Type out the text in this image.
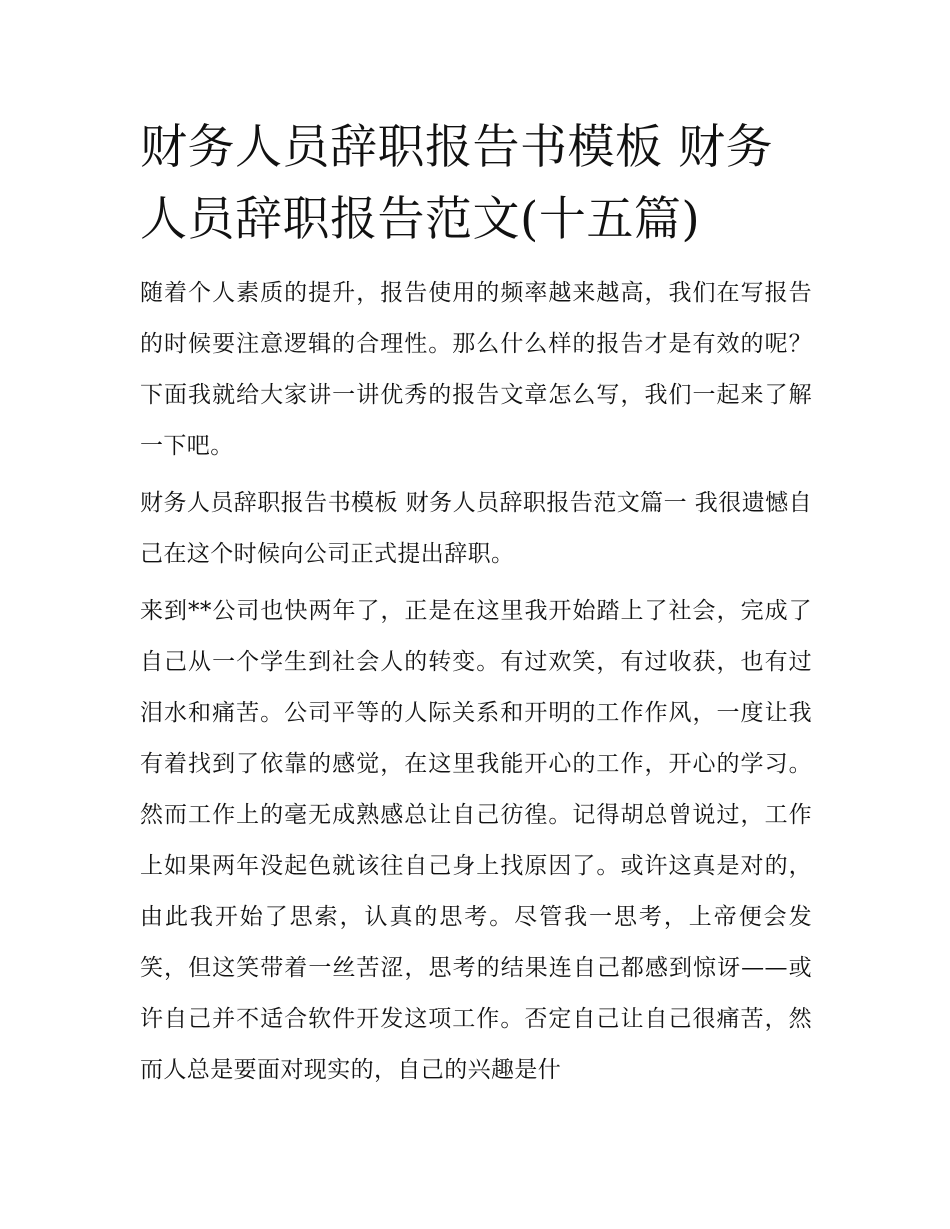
财务人员辞职报告书模板 财务人员辞职报告范文(十五篇)

随着个人素质的提升，报告使用的频率越来越高，我们在写报告的时候要注意逻辑的合理性。那么什么样的报告才是有效的呢？下面我就给大家讲一讲优秀的报告文章怎么写，我们一起来了解一下吧。

财务人员辞职报告书模板 财务人员辞职报告范文篇一 我很遗憾自己在这个时候向公司正式提出辞职。

来到**公司也快两年了，正是在这里我开始踏上了社会，完成了自己从一个学生到社会人的转变。有过欢笑，有过收获，也有过泪水和痛苦。公司平等的人际关系和开明的工作作风，一度让我有着找到了依靠的感觉，在这里我能开心的工作，开心的学习。然而工作上的毫无成熟感总让自己彷徨。记得胡总曾说过，工作上如果两年没起色就该往自己身上找原因了。或许这真是对的，由此我开始了思索，认真的思考。尽管我一思考，上帝便会发笑，但这笑带着一丝苦涩，思考的结果连自己都感到惊讶——或许自己并不适合软件开发这项工作。否定自己让自己很痛苦，然而人总是要面对现实的，自己的兴趣是什
